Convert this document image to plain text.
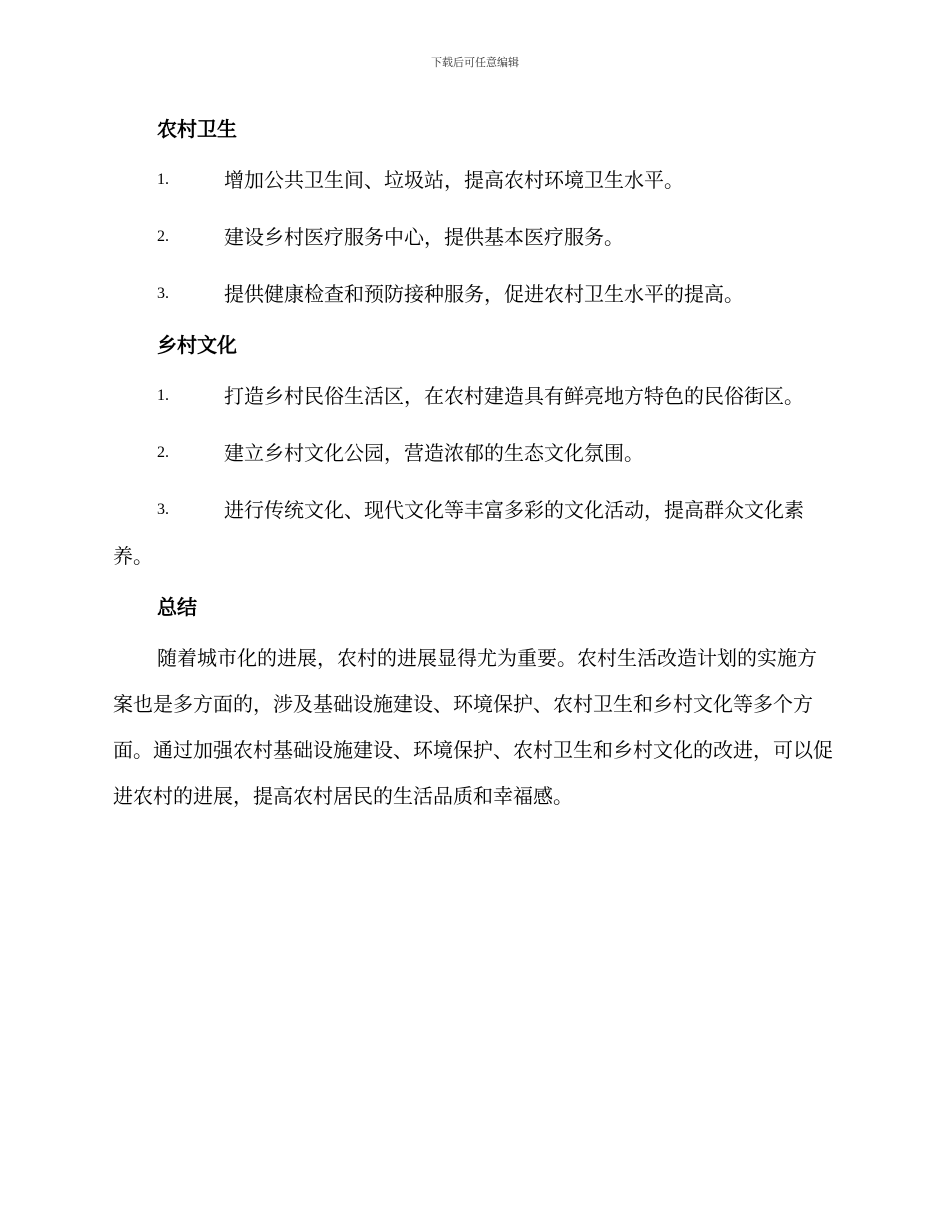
下载后可任意编辑
农村卫生

1.	增加公共卫生间、垃圾站，提高农村环境卫生水平。

2.	建设乡村医疗服务中心，提供基本医疗服务。

3.	提供健康检查和预防接种服务，促进农村卫生水平的提高。

乡村文化

1.	打造乡村民俗生活区，在农村建造具有鲜亮地方特色的民俗街区。

2.	建立乡村文化公园，营造浓郁的生态文化氛围。

3.	进行传统文化、现代文化等丰富多彩的文化活动，提高群众文化素养。

总结

随着城市化的进展，农村的进展显得尤为重要。农村生活改造计划的实施方案也是多方面的，涉及基础设施建设、环境保护、农村卫生和乡村文化等多个方面。通过加强农村基础设施建设、环境保护、农村卫生和乡村文化的改进，可以促进农村的进展，提高农村居民的生活品质和幸福感。
